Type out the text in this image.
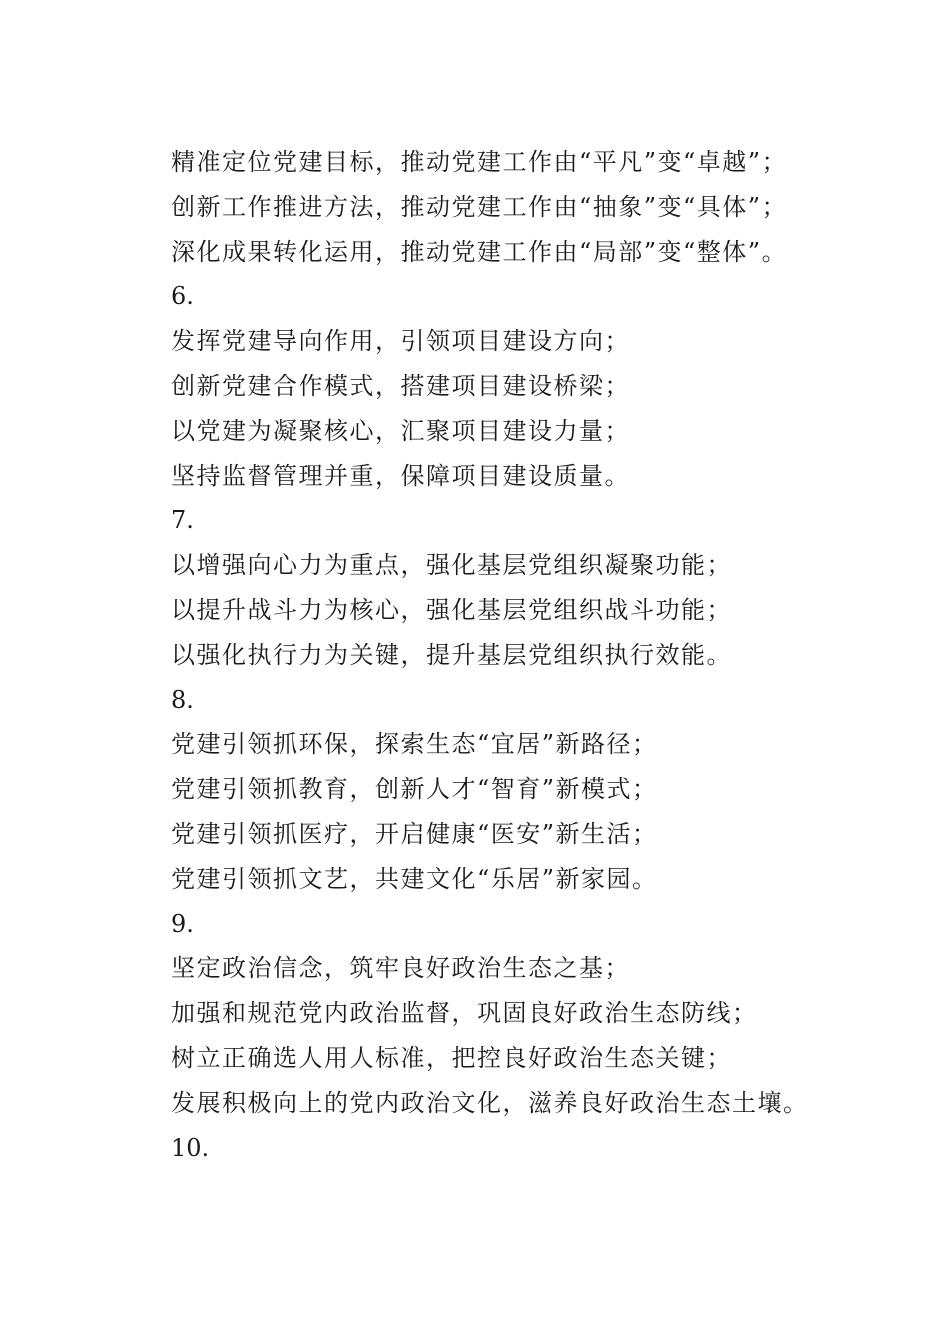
精准定位党建目标，推动党建工作由“平凡”变“卓越”；
创新工作推进方法，推动党建工作由“抽象”变“具体”；
深化成果转化运用，推动党建工作由“局部”变“整体”。
6.
发挥党建导向作用，引领项目建设方向；
创新党建合作模式，搭建项目建设桥梁；
以党建为凝聚核心，汇聚项目建设力量；
坚持监督管理并重，保障项目建设质量。
7.
以增强向心力为重点，强化基层党组织凝聚功能；
以提升战斗力为核心，强化基层党组织战斗功能；
以强化执行力为关键，提升基层党组织执行效能。
8.
党建引领抓环保，探索生态“宜居”新路径；
党建引领抓教育，创新人才“智育”新模式；
党建引领抓医疗，开启健康“医安”新生活；
党建引领抓文艺，共建文化“乐居”新家园。
9.
坚定政治信念，筑牢良好政治生态之基；
加强和规范党内政治监督，巩固良好政治生态防线；
树立正确选人用人标准，把控良好政治生态关键；
发展积极向上的党内政治文化，滋养良好政治生态土壤。
10.
